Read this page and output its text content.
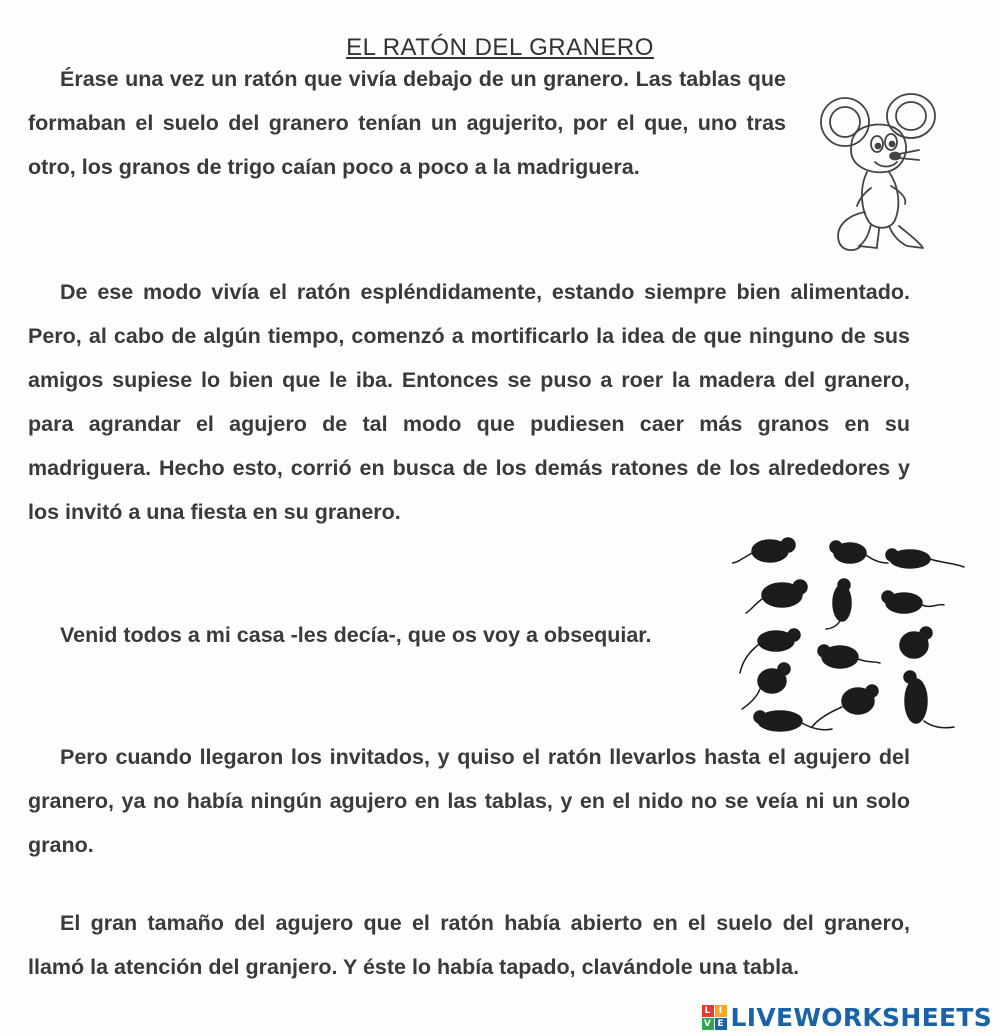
EL RATÓN DEL GRANERO

Érase una vez un ratón que vivía debajo de un granero. Las tablas que formaban el suelo del granero tenían un agujerito, por el que, uno tras otro, los granos de trigo caían poco a poco a la madriguera.

De ese modo vivía el ratón espléndidamente, estando siempre bien alimentado. Pero, al cabo de algún tiempo, comenzó a mortificarlo la idea de que ninguno de sus amigos supiese lo bien que le iba. Entonces se puso a roer la madera del granero, para agrandar el agujero de tal modo que pudiesen caer más granos en su madriguera. Hecho esto, corrió en busca de los demás ratones de los alrededores y los invitó a una fiesta en su granero.

Venid todos a mi casa -les decía-, que os voy a obsequiar.

Pero cuando llegaron los invitados, y quiso el ratón llevarlos hasta el agujero del granero, ya no había ningún agujero en las tablas, y en el nido no se veía ni un solo grano.

El gran tamaño del agujero que el ratón había abierto en el suelo del granero, llamó la atención del granjero. Y éste lo había tapado, clavándole una tabla.

L I
V E LIVEWORKSHEETS
